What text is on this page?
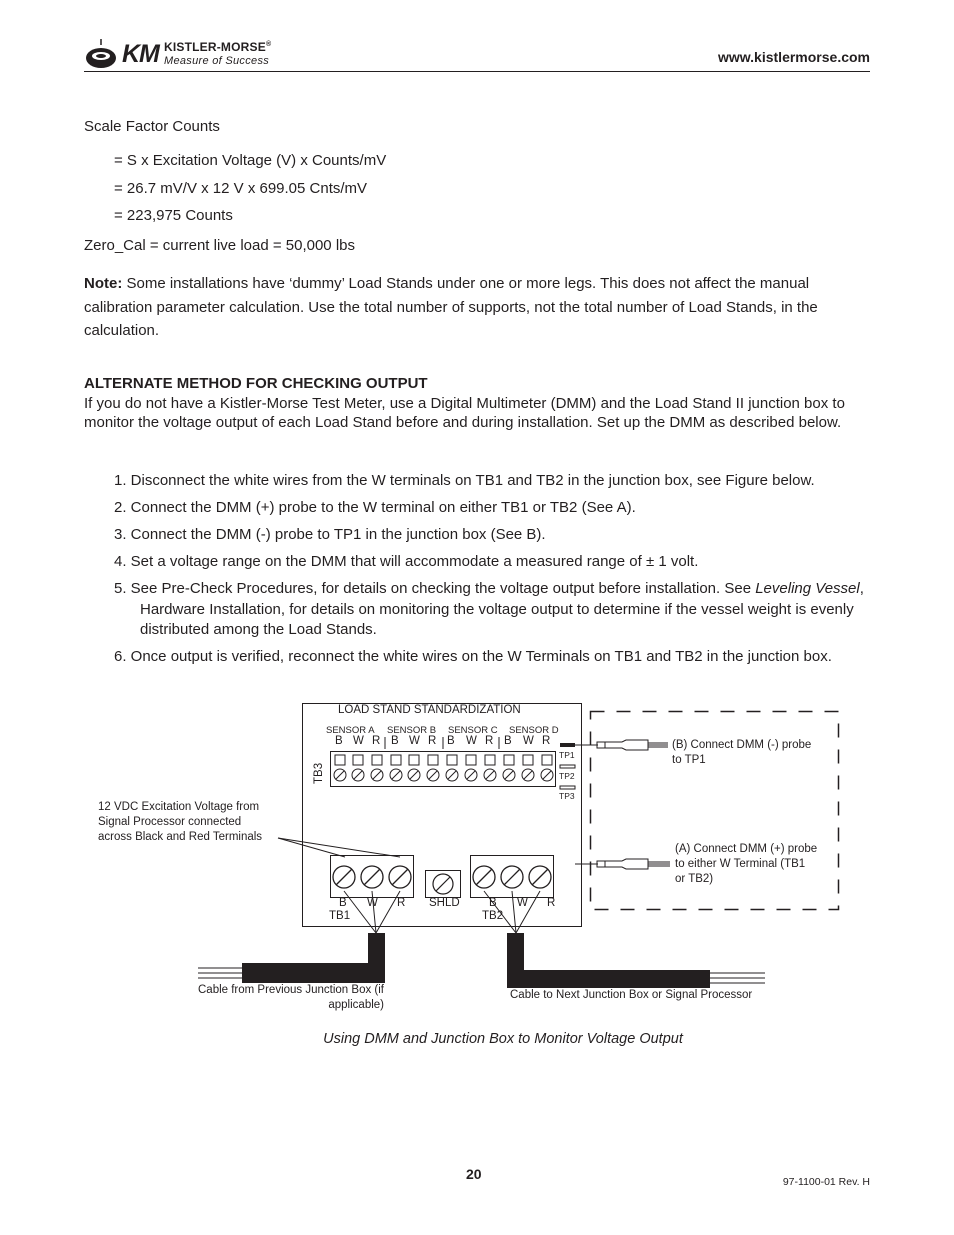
KM KISTLER-MORSE®
Measure of Success	www.kistlermorse.com

Scale Factor Counts

= S x Excitation Voltage (V) x Counts/mV

= 26.7 mV/V x 12 V x 699.05 Cnts/mV

= 223,975 Counts

Zero_Cal = current live load = 50,000 lbs

Note: Some installations have ‘dummy’ Load Stands under one or more legs. This does not affect the manual calibration parameter calculation. Use the total number of supports, not the total number of Load Stands, in the calculation.

ALTERNATE METHOD FOR CHECKING OUTPUT

If you do not have a Kistler-Morse Test Meter, use a Digital Multimeter (DMM) and the Load Stand II junction box to monitor the voltage output of each Load Stand before and during installation. Set up the DMM as described below.

1. Disconnect the white wires from the W terminals on TB1 and TB2 in the junction box, see Figure below.
2. Connect the DMM (+) probe to the W terminal on either TB1 or TB2 (See A).
3. Connect the DMM (-) probe to TP1 in the junction box (See B).
4. Set a voltage range on the DMM that will accommodate a measured range of ± 1 volt.
5. See Pre-Check Procedures, for details on checking the voltage output before installation. See Leveling Vessel, Hardware Installation, for details on monitoring the voltage output to determine if the vessel weight is evenly distributed among the Load Stands.
6. Once output is verified, reconnect the white wires on the W Terminals on TB1 and TB2 in the junction box.
LOAD STAND STANDARDIZATION
SENSOR A SENSOR B SENSOR C SENSOR D
B W R B W R B W R B W R
TB3
TP1
TP2
TP3
12 VDC Excitation Voltage from
Signal Processor connected
across Black and Red Terminals
B W R
TB1
SHLD	B W R
TB2
(B) Connect DMM (-) probe
to TP1
(A) Connect DMM (+) probe
to either W Terminal (TB1
or TB2)
Cable from Previous Junction Box (if
applicable)
Cable to Next Junction Box or Signal Processor
Using DMM and Junction Box to Monitor Voltage Output
20	97-1100-01 Rev. H
